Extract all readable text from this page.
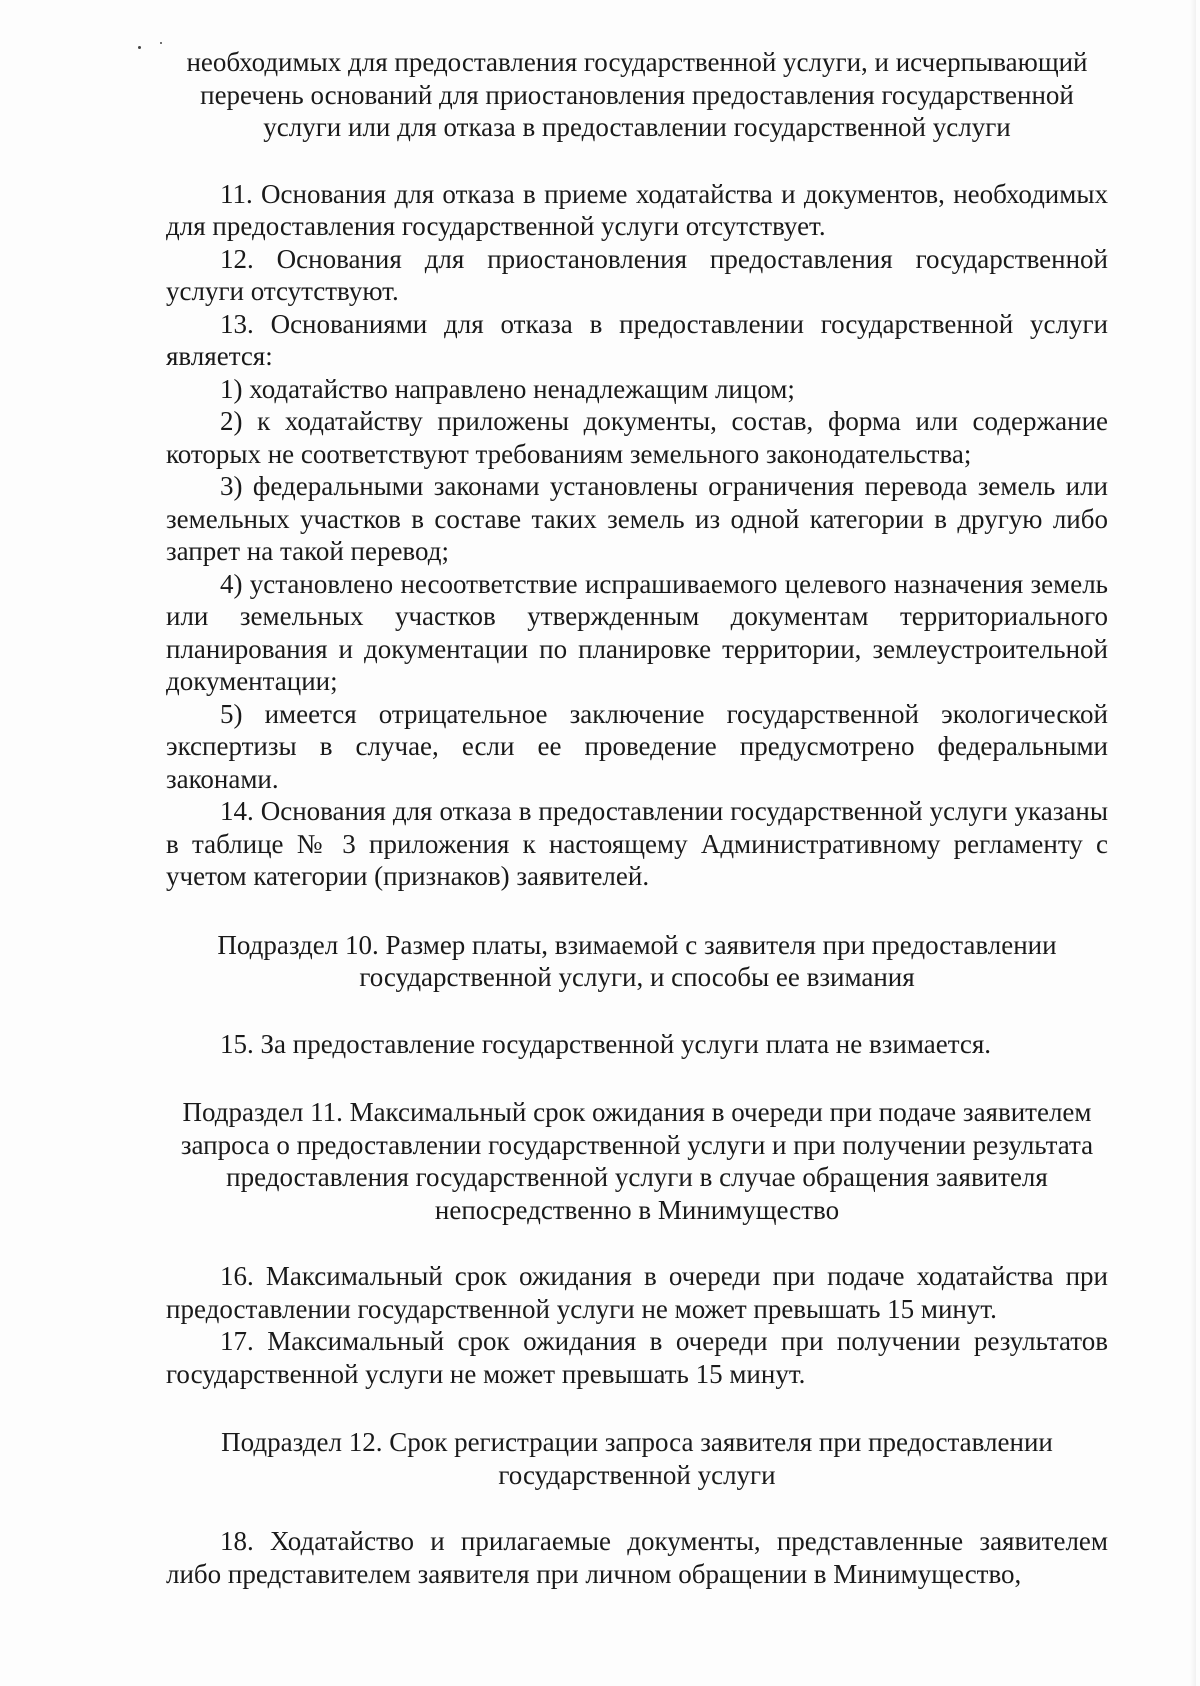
необходимых для предоставления государственной услуги, и исчерпывающий перечень оснований для приостановления предоставления государственной услуги или для отказа в предоставлении государственной услуги

11. Основания для отказа в приеме ходатайства и документов, необходимых для предоставления государственной услуги отсутствует.

12. Основания для приостановления предоставления государственной услуги отсутствуют.

13. Основаниями для отказа в предоставлении государственной услуги является:

1) ходатайство направлено ненадлежащим лицом;

2) к ходатайству приложены документы, состав, форма или содержание которых не соответствуют требованиям земельного законодательства;

3) федеральными законами установлены ограничения перевода земель или земельных участков в составе таких земель из одной категории в другую либо запрет на такой перевод;

4) установлено несоответствие испрашиваемого целевого назначения земель или земельных участков утвержденным документам территориального планирования и документации по планировке территории, землеустроительной документации;

5) имеется отрицательное заключение государственной экологической экспертизы в случае, если ее проведение предусмотрено федеральными законами.

14. Основания для отказа в предоставлении государственной услуги указаны в таблице № 3 приложения к настоящему Административному регламенту с учетом категории (признаков) заявителей.

Подраздел 10. Размер платы, взимаемой с заявителя при предоставлении государственной услуги, и способы ее взимания

15. За предоставление государственной услуги плата не взимается.

Подраздел 11. Максимальный срок ожидания в очереди при подаче заявителем запроса о предоставлении государственной услуги и при получении результата предоставления государственной услуги в случае обращения заявителя непосредственно в Минимущество

16. Максимальный срок ожидания в очереди при подаче ходатайства при предоставлении государственной услуги не может превышать 15 минут.

17. Максимальный срок ожидания в очереди при получении результатов государственной услуги не может превышать 15 минут.

Подраздел 12. Срок регистрации запроса заявителя при предоставлении государственной услуги

18. Ходатайство и прилагаемые документы, представленные заявителем либо представителем заявителя при личном обращении в Минимущество,
